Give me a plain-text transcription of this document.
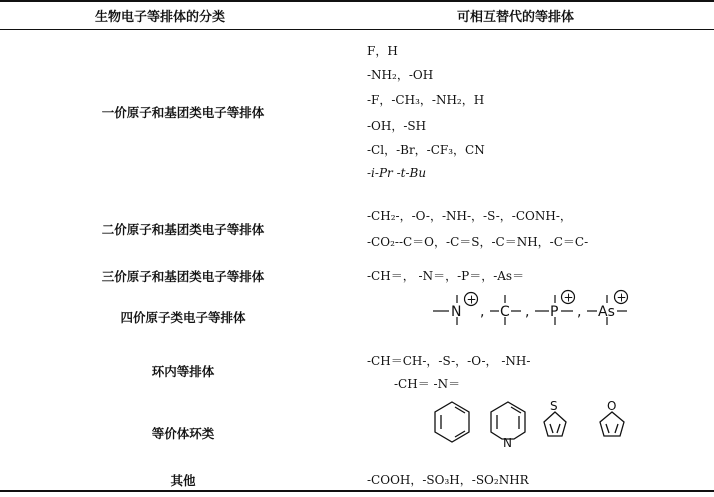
生物电子等排体的分类	可相互替代的等排体
一价原子和基团类电子等排体
二价原子和基团类电子等排体
三价原子和基团类电子等排体
四价原子类电子等排体
环内等排体
等价体环类
其他
F，H
-NH₂，-OH
-F，-CH₃，-NH₂，H
-OH，-SH
-Cl，-Br，-CF₃，CN
-i-Pr -t-Bu
-CH₂-，-O-，-NH-，-S-，-CONH-，
-CO₂--C＝O，-C＝S，-C＝NH，-C＝C-
-CH＝， -N＝，-P＝，-As＝
N
+
, C , P
+
, As
+
-CH＝CH-，-S-，-O-， -NH-
-CH＝ -N＝
N
S	O
-COOH，-SO₃H，-SO₂NHR
